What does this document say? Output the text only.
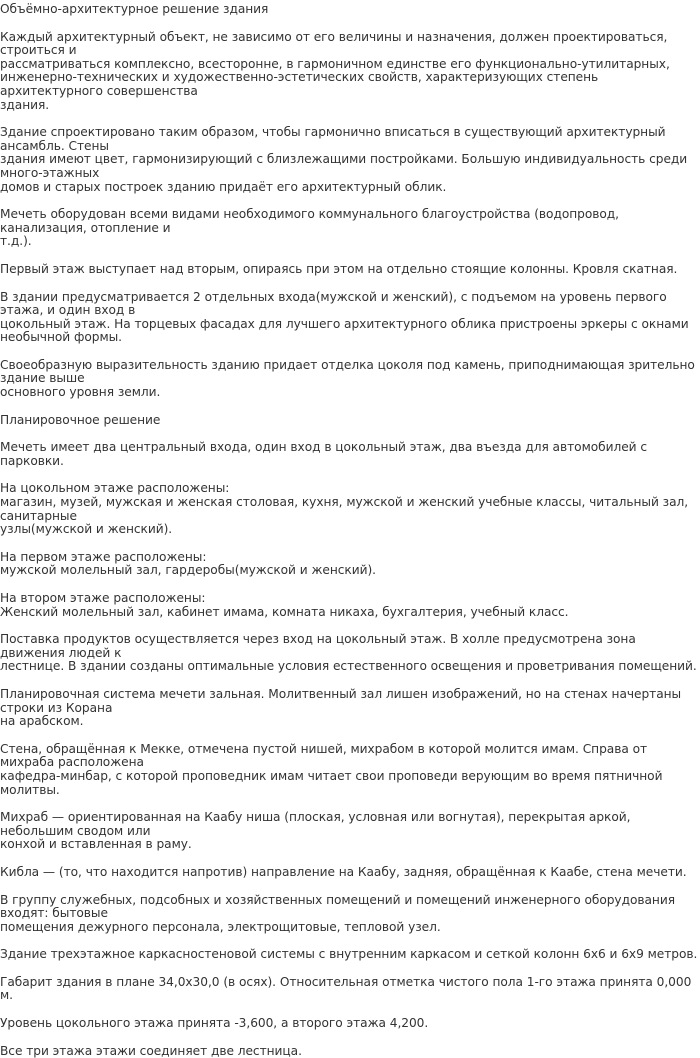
Объёмно-архитектурное решение здания

Каждый архитектурный объект, не зависимо от его величины и назначения, должен проектироваться, строиться и
рассматриваться комплексно, всесторонне, в гармоничном единстве его функционально-утилитарных,
инженерно-технических и художественно-эстетических свойств, характеризующих степень архитектурного совершенства
здания.

Здание спроектировано таким образом, чтобы гармонично вписаться в существующий архитектурный ансамбль. Стены
здания имеют цвет, гармонизирующий с близлежащими постройками. Большую индивидуальность среди много-этажных
домов и старых построек зданию придаёт его архитектурный облик.

Мечеть оборудован всеми видами необходимого коммунального благоустройства (водопровод, канализация, отопление и
т.д.).

Первый этаж выступает над вторым, опираясь при этом на отдельно стоящие колонны. Кровля скатная.

В здании предусматривается 2 отдельных входа(мужской и женский), с подъемом на уровень первого этажа, и один вход в
цокольный этаж. На торцевых фасадах для лучшего архитектурного облика пристроены эркеры с окнами необычной формы.

Своеобразную выразительность зданию придает отделка цоколя под камень, приподнимающая зрительно здание выше
основного уровня земли.

Планировочное решение

Мечеть имеет два центральный входа, один вход в цокольный этаж, два въезда для автомобилей с парковки.

На цокольном этаже расположены:
магазин, музей, мужская и женская столовая, кухня, мужской и женский учебные классы, читальный зал, санитарные
узлы(мужской и женский).

На первом этаже расположены:
мужской молельный зал, гардеробы(мужской и женский).

На втором этаже расположены:
Женский молельный зал, кабинет имама, комната никаха, бухгалтерия, учебный класс.

Поставка продуктов осуществляется через вход на цокольный этаж. В холле предусмотрена зона движения людей к
лестнице. В здании созданы оптимальные условия естественного освещения и проветривания помещений.

Планировочная система мечети зальная. Молитвенный зал лишен изображений, но на стенах начертаны строки из Корана
на арабском.

Стена, обращённая к Мекке, отмечена пустой нишей, михрабом в которой молится имам. Справа от михраба расположена
кафедра-минбар, с которой проповедник имам читает свои проповеди верующим во время пятничной молитвы.

Михраб — ориентированная на Каабу ниша (плоская, условная или вогнутая), перекрытая аркой, небольшим сводом или
конхой и вставленная в раму.

Кибла — (то, что находится напротив) направление на Каабу, задняя, обращённая к Каабе, стена мечети.

В группу служебных, подсобных и хозяйственных помещений и помещений инженерного оборудования входят: бытовые
помещения дежурного персонала, электрощитовые, тепловой узел.

Здание трехэтажное каркасностеновой системы с внутренним каркасом и сеткой колонн 6х6 и 6х9 метров.

Габарит здания в плане 34,0х30,0 (в осях). Относительная отметка чистого пола 1-го этажа принята 0,000 м.

Уровень цокольного этажа принята -3,600, а второго этажа 4,200.

Все три этажа этажи соединяет две лестница.
